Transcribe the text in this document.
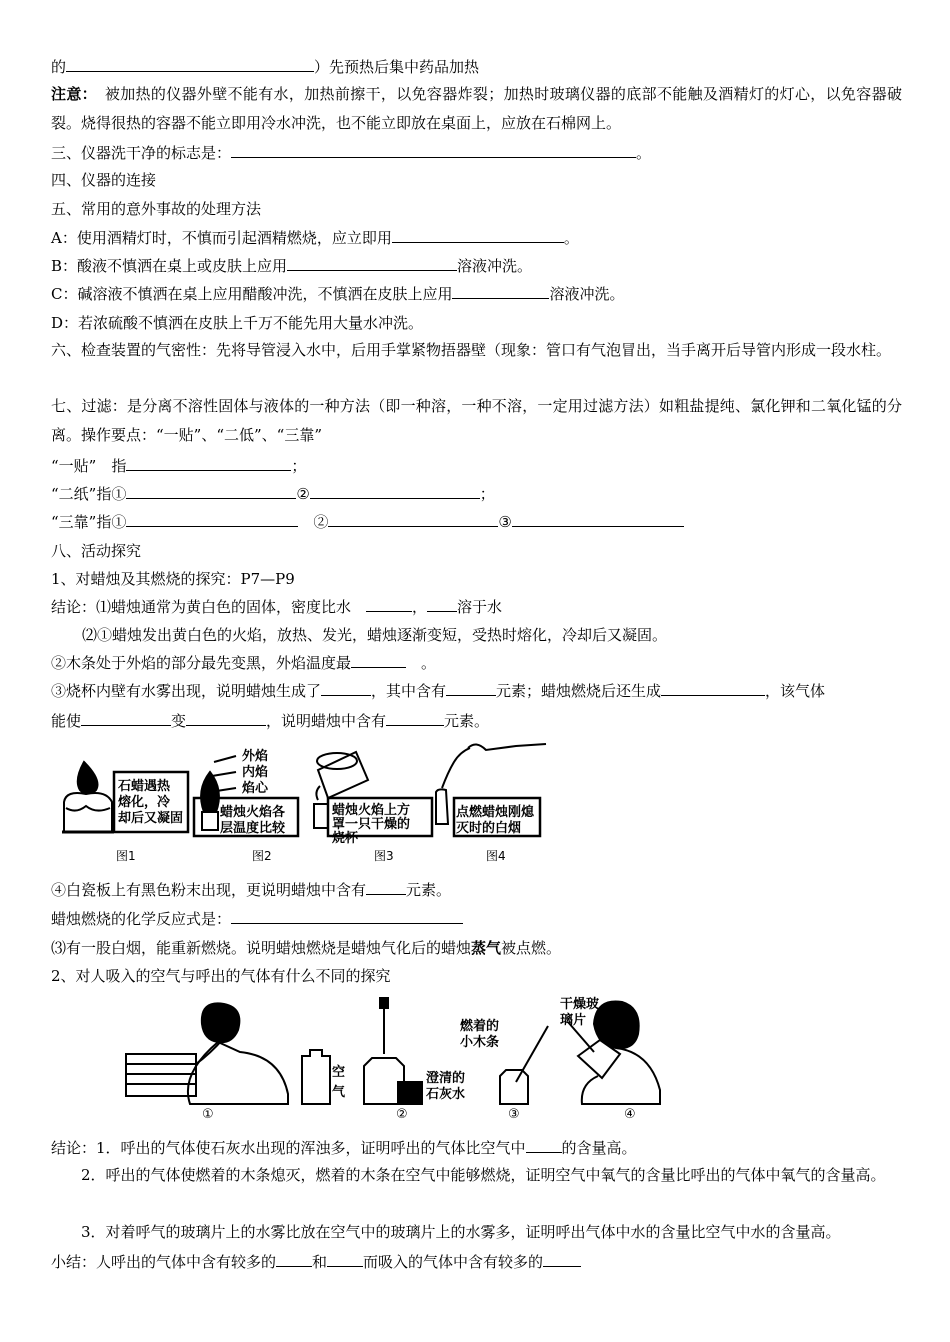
的	）先预热后集中药品加热
注意：　 被加热的仪器外壁不能有水，加热前擦干，以免容器炸裂；加热时玻璃仪器的底部不能触及酒精灯的灯心，以免容器破裂。烧得很热的容器不能立即用冷水冲洗，也不能立即放在桌面上，应放在石棉网上。
三、仪器洗干净的标志是：	。
四、仪器的连接
五、常用的意外事故的处理方法
A：使用酒精灯时，不慎而引起酒精燃烧，应立即用	。
B：酸液不慎洒在桌上或皮肤上应用	溶液冲洗。
C：碱溶液不慎洒在桌上应用醋酸冲洗，不慎洒在皮肤上应用	溶液冲洗。
D：若浓硫酸不慎洒在皮肤上千万不能先用大量水冲洗。
六、检查装置的气密性：先将导管浸入水中，后用手掌紧物捂器壁（现象：管口有气泡冒出，当手离开后导管内形成一段水柱。
七、过滤：是分离不溶性固体与液体的一种方法（即一种溶，一种不溶，一定用过滤方法）如粗盐提纯、氯化钾和二氧化锰的分离。操作要点：“一贴”、“二低”、“三靠”
“一贴”　指	；
“二纸”指①	②	；
“三靠”指①　	②	③
八、活动探究
1、对蜡烛及其燃烧的探究：P7—P9
结论：⑴蜡烛通常为黄白色的固体，密度比水　	， 溶于水
⑵①蜡烛发出黄白色的火焰，放热、发光，蜡烛逐渐变短，受热时熔化，冷却后又凝固。
②木条处于外焰的部分最先变黑，外焰温度最　	。
③烧杯内壁有水雾出现，说明蜡烛生成了	，其中含有	元素；蜡烛燃烧后还生成	，该气体
能使	变	，说明蜡烛中含有	元素。
外焰
内焰
焰心
石蜡遇热
熔化，冷
却后又凝固	蜡烛火焰各
层温度比较
蜡烛火焰上方
罩一只干燥的
烧杯
点燃蜡烛刚熄
灭时的白烟
图1	图2	图3	图4
④白瓷板上有黑色粉末出现，更说明蜡烛中含有	元素。
蜡烛燃烧的化学反应式是：
⑶有一股白烟，能重新燃烧。说明蜡烛燃烧是蜡烛气化后的蜡烛蒸气被点燃。
2、对人吸入的空气与呼出的气体有什么不同的探究
空
气
澄清的
石灰水
燃着的
小木条
干燥玻
璃片
①	②	③	④
结论：1．呼出的气体使石灰水出现的浑浊多，证明呼出的气体比空气中 的含量高。
2．呼出的气体使燃着的木条熄灭，燃着的木条在空气中能够燃烧，证明空气中氧气的含量比呼出的气体中氧气的含量高。
3．对着呼气的玻璃片上的水雾比放在空气中的玻璃片上的水雾多，证明呼出气体中水的含量比空气中水的含量高。
小结：人呼出的气体中含有较多的 和 而吸入的气体中含有较多的
